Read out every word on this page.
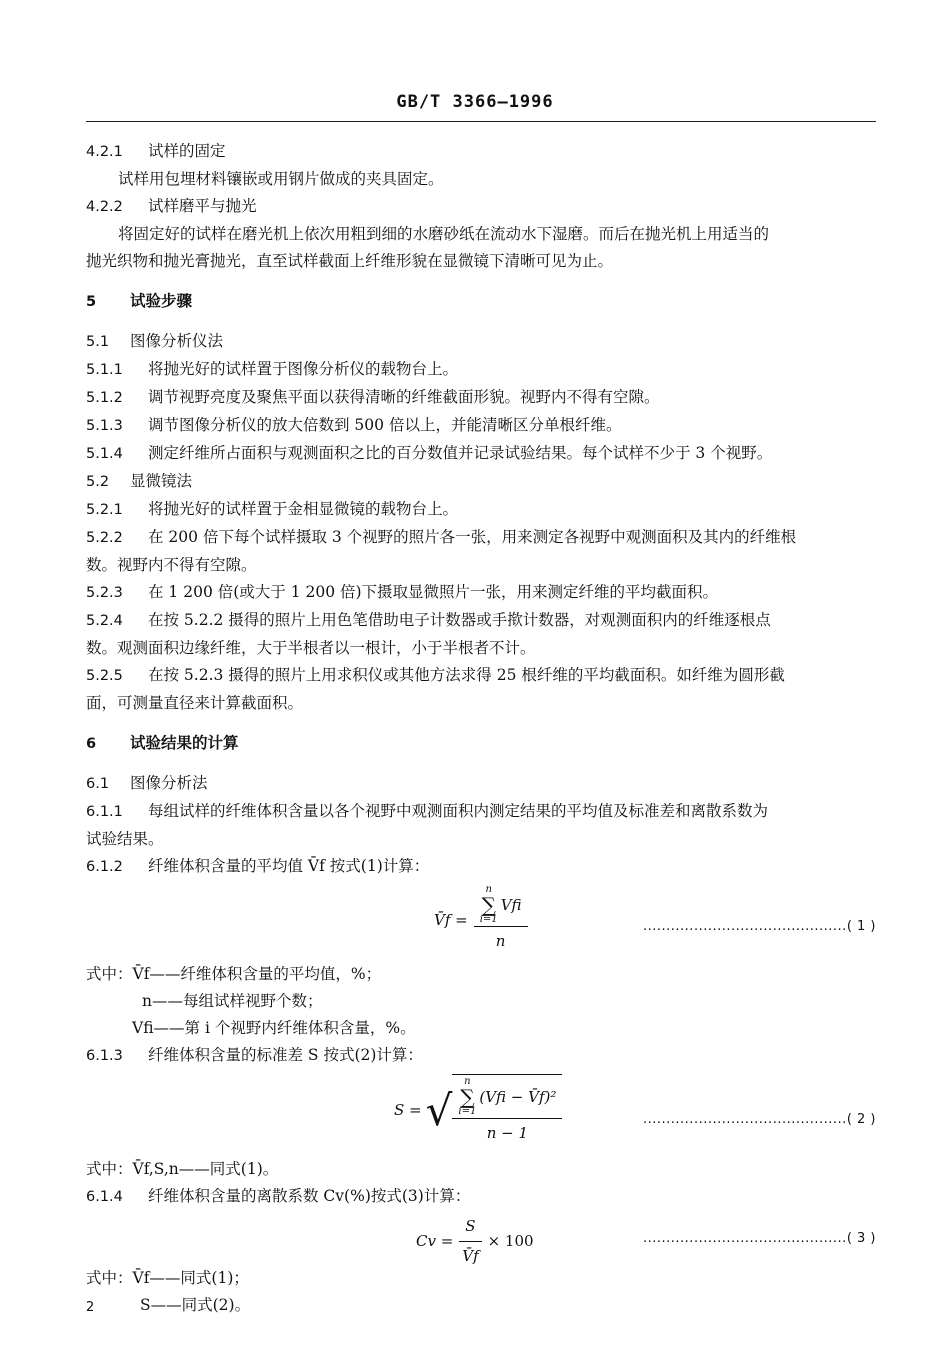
GB/T 3366—1996
4.2.1 试样的固定
试样用包埋材料镶嵌或用钢片做成的夹具固定。
4.2.2 试样磨平与抛光
将固定好的试样在磨光机上依次用粗到细的水磨砂纸在流动水下湿磨。而后在抛光机上用适当的
抛光织物和抛光膏抛光，直至试样截面上纤维形貌在显微镜下清晰可见为止。
5 试验步骤
5.1 图像分析仪法
5.1.1 将抛光好的试样置于图像分析仪的载物台上。
5.1.2 调节视野亮度及聚焦平面以获得清晰的纤维截面形貌。视野内不得有空隙。
5.1.3 调节图像分析仪的放大倍数到 500 倍以上，并能清晰区分单根纤维。
5.1.4 测定纤维所占面积与观测面积之比的百分数值并记录试验结果。每个试样不少于 3 个视野。
5.2 显微镜法
5.2.1 将抛光好的试样置于金相显微镜的载物台上。
5.2.2 在 200 倍下每个试样摄取 3 个视野的照片各一张，用来测定各视野中观测面积及其内的纤维根
数。视野内不得有空隙。
5.2.3 在 1 200 倍(或大于 1 200 倍)下摄取显微照片一张，用来测定纤维的平均截面积。
5.2.4 在按 5.2.2 摄得的照片上用色笔借助电子计数器或手揿计数器，对观测面积内的纤维逐根点
数。观测面积边缘纤维，大于半根者以一根计，小于半根者不计。
5.2.5 在按 5.2.3 摄得的照片上用求积仪或其他方法求得 25 根纤维的平均截面积。如纤维为圆形截
面，可测量直径来计算截面积。
6 试验结果的计算
6.1 图像分析法
6.1.1 每组试样的纤维体积含量以各个视野中观测面积内测定结果的平均值及标准差和离散系数为
试验结果。
6.1.2 纤维体积含量的平均值 V̄f 按式(1)计算：
V̄f = n
∑
i=1
Vfi
n	............................................( 1 )
式中：V̄f——纤维体积含量的平均值，%；
n——每组试样视野个数；
Vfi——第 i 个视野内纤维体积含量，%。
6.1.3 纤维体积含量的标准差 S 按式(2)计算：
S = √ n
∑
i=1
(Vfi − V̄f)²
n − 1	............................................( 2 )
式中：V̄f,S,n——同式(1)。
6.1.4 纤维体积含量的离散系数 Cv(%)按式(3)计算：
$Cv = \frac{S}{V̄f} \times 100$	............................................( 3 )
式中：V̄f——同式(1)；
S——同式(2)。
2
